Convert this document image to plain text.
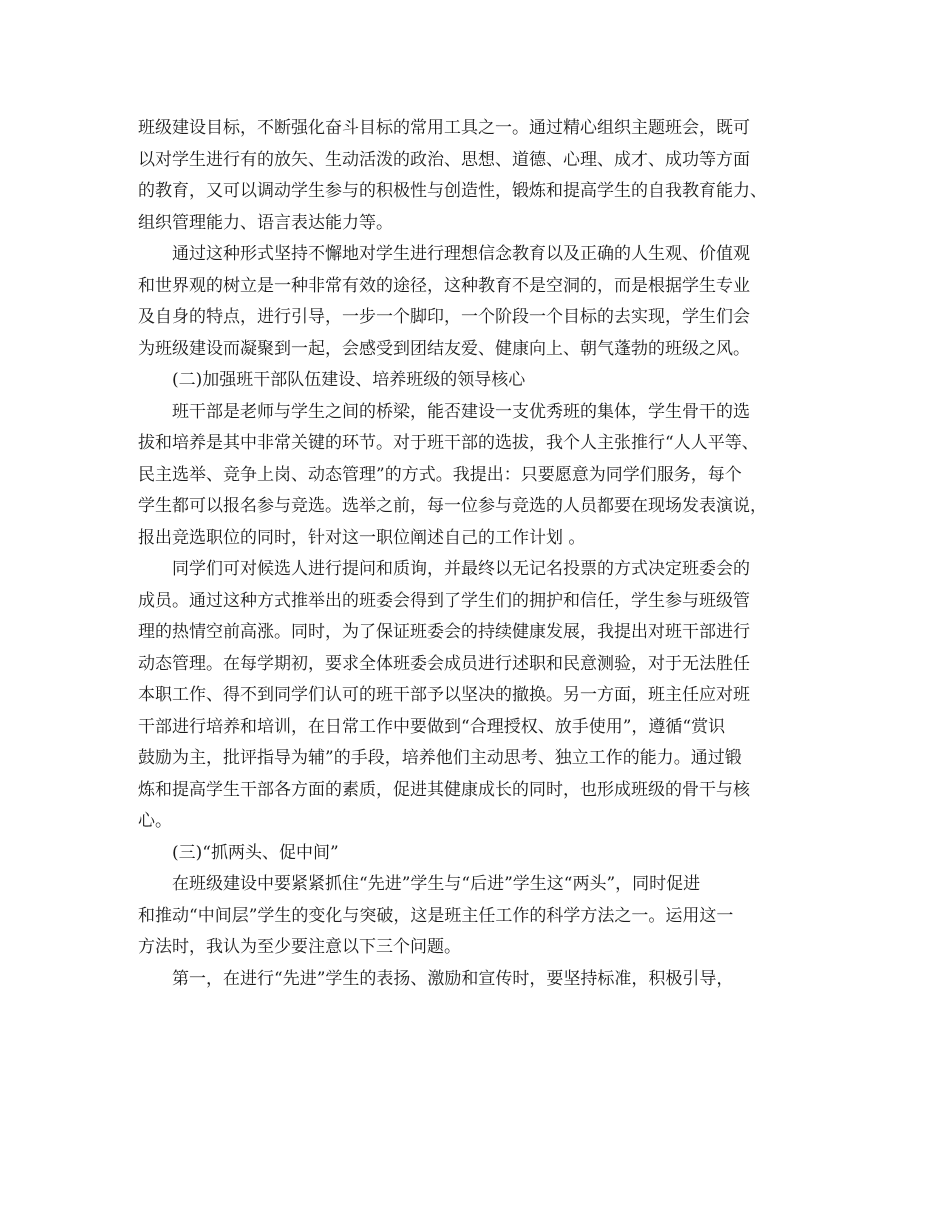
班级建设目标，不断强化奋斗目标的常用工具之一。通过精心组织主题班会，既可
以对学生进行有的放矢、生动活泼的政治、思想、道德、心理、成才、成功等方面
的教育，又可以调动学生参与的积极性与创造性，锻炼和提高学生的自我教育能力、
组织管理能力、语言表达能力等。
　　通过这种形式坚持不懈地对学生进行理想信念教育以及正确的人生观、价值观
和世界观的树立是一种非常有效的途径，这种教育不是空洞的，而是根据学生专业
及自身的特点，进行引导，一步一个脚印，一个阶段一个目标的去实现，学生们会
为班级建设而凝聚到一起，会感受到团结友爱、健康向上、朝气蓬勃的班级之风。
　　(二)加强班干部队伍建设、培养班级的领导核心
　　班干部是老师与学生之间的桥梁，能否建设一支优秀班的集体，学生骨干的选
拔和培养是其中非常关键的环节。对于班干部的选拔，我个人主张推行“人人平等、
民主选举、竞争上岗、动态管理”的方式。我提出：只要愿意为同学们服务，每个
学生都可以报名参与竞选。选举之前，每一位参与竞选的人员都要在现场发表演说，
报出竞选职位的同时，针对这一职位阐述自己的工作计划 。
　　同学们可对候选人进行提问和质询，并最终以无记名投票的方式决定班委会的
成员。通过这种方式推举出的班委会得到了学生们的拥护和信任，学生参与班级管
理的热情空前高涨。同时，为了保证班委会的持续健康发展，我提出对班干部进行
动态管理。在每学期初，要求全体班委会成员进行述职和民意测验，对于无法胜任
本职工作、得不到同学们认可的班干部予以坚决的撤换。另一方面，班主任应对班
干部进行培养和培训，在日常工作中要做到“合理授权、放手使用”，遵循“赏识
鼓励为主，批评指导为辅”的手段，培养他们主动思考、独立工作的能力。通过锻
炼和提高学生干部各方面的素质，促进其健康成长的同时，也形成班级的骨干与核
心。
　　(三)“抓两头、促中间”
　　在班级建设中要紧紧抓住“先进”学生与“后进”学生这“两头”，同时促进
和推动“中间层”学生的变化与突破，这是班主任工作的科学方法之一。运用这一
方法时，我认为至少要注意以下三个问题。
　　第一，在进行“先进”学生的表扬、激励和宣传时，要坚持标准，积极引导，
